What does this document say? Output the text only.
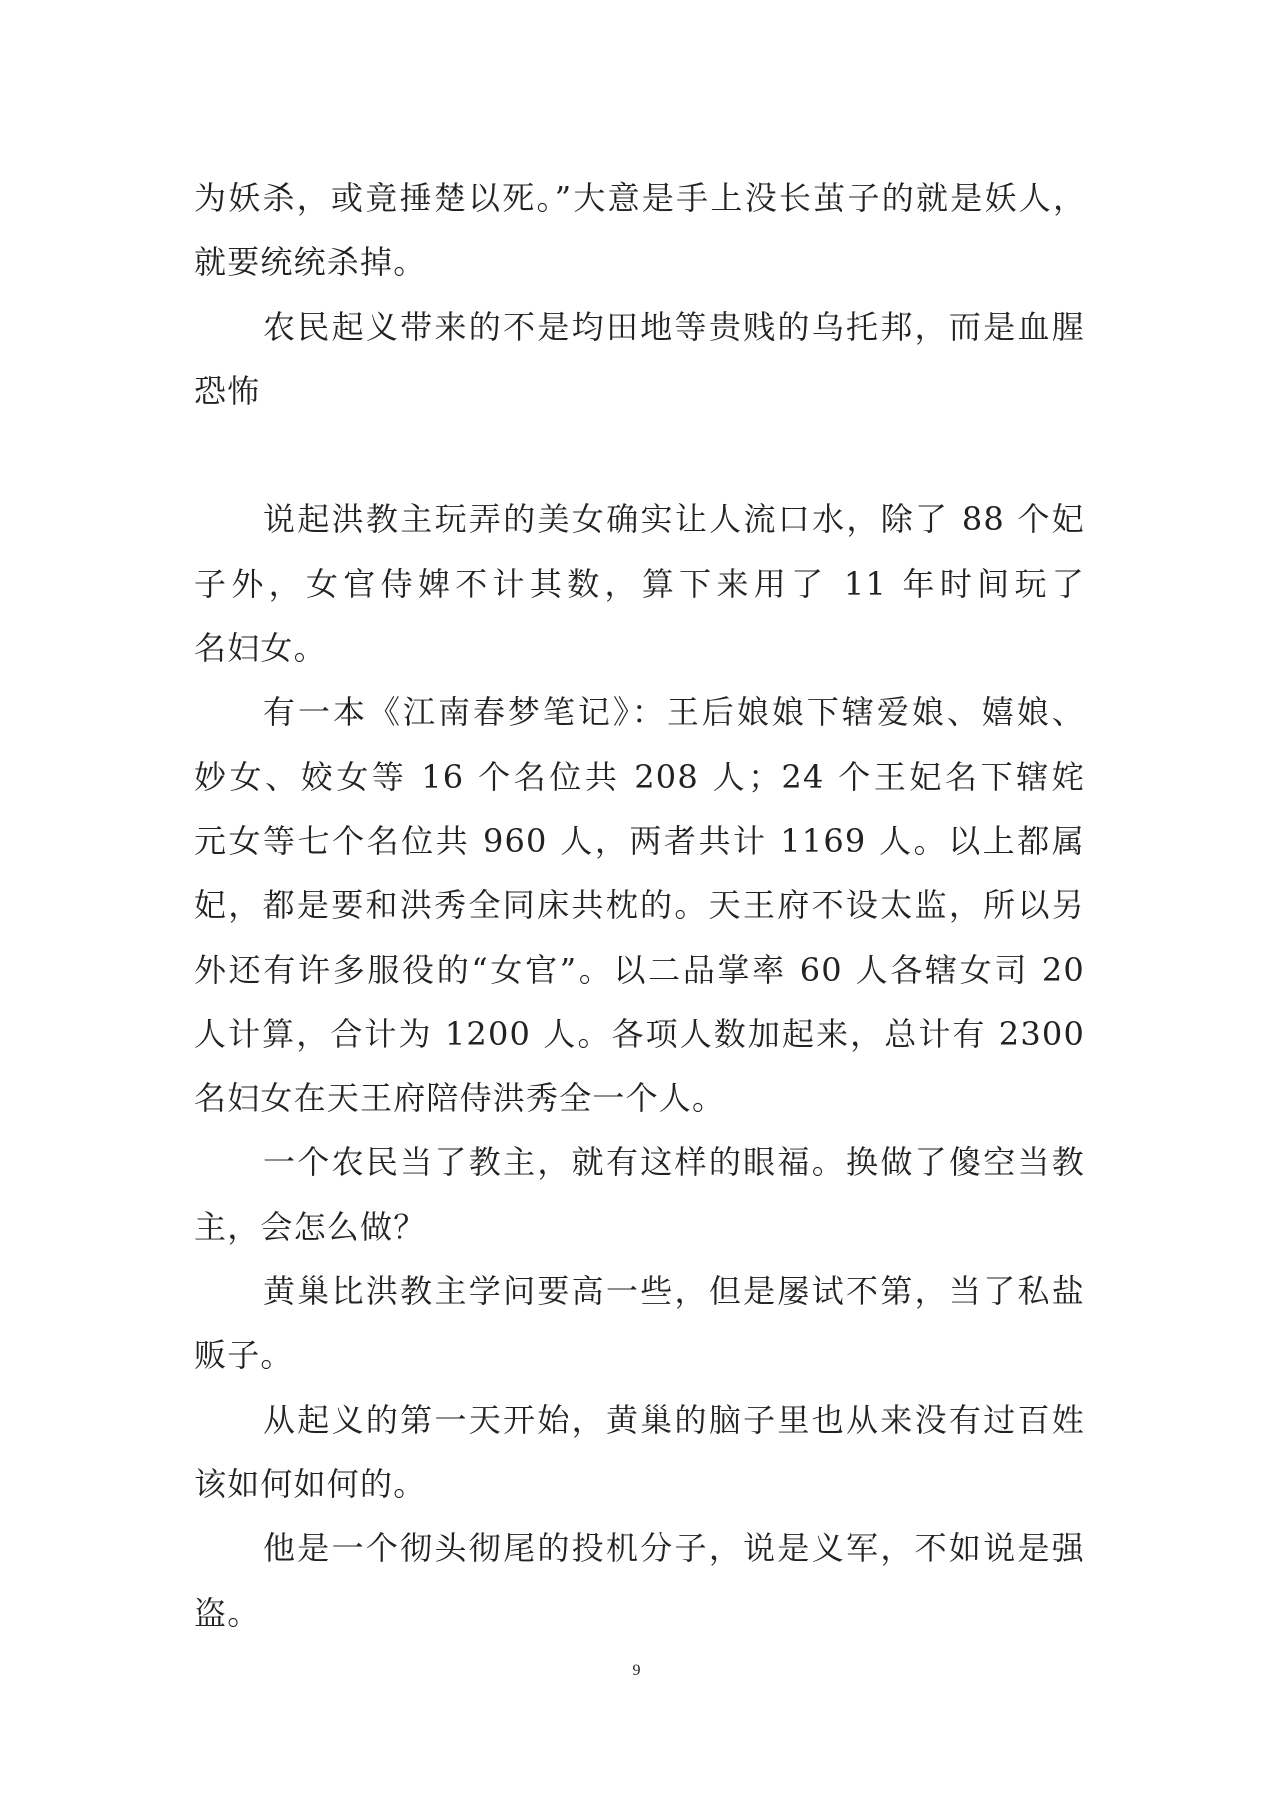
为妖杀，或竟捶楚以死。”大意是手上没长茧子的就是妖人，
就要统统杀掉。
农民起义带来的不是均田地等贵贱的乌托邦，而是血腥
恐怖
说起洪教主玩弄的美女确实让人流口水，除了 88 个妃
子外，女官侍婢不计其数，算下来用了 11 年时间玩了
名妇女。
有一本《江南春梦笔记》：王后娘娘下辖爱娘、嬉娘、
妙女、姣女等 16 个名位共 208 人；24 个王妃名下辖姹
元女等七个名位共 960 人，两者共计 1169 人。以上都属
妃，都是要和洪秀全同床共枕的。天王府不设太监，所以另
外还有许多服役的“女官”。以二品掌率 60 人各辖女司 20
人计算，合计为 1200 人。各项人数加起来，总计有 2300
名妇女在天王府陪侍洪秀全一个人。
一个农民当了教主，就有这样的眼福。换做了傻空当教
主，会怎么做？
黄巢比洪教主学问要高一些，但是屡试不第，当了私盐
贩子。
从起义的第一天开始，黄巢的脑子里也从来没有过百姓
该如何如何的。
他是一个彻头彻尾的投机分子，说是义军，不如说是强
盗。
9
